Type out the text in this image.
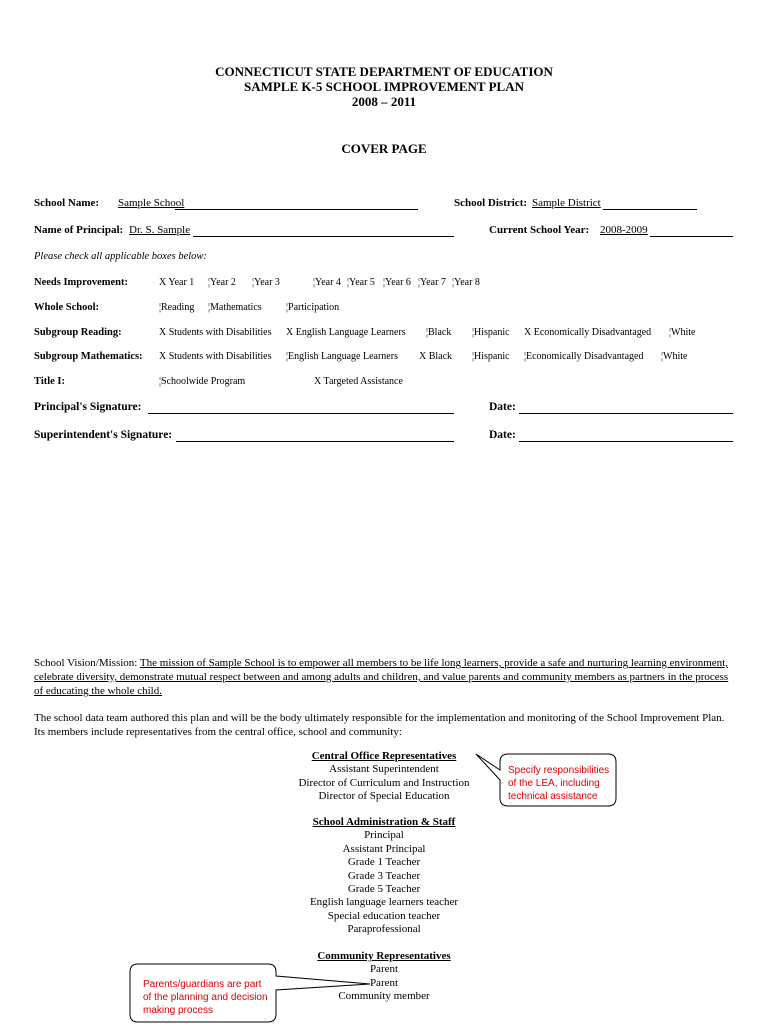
CONNECTICUT STATE DEPARTMENT OF EDUCATION
SAMPLE K-5 SCHOOL IMPROVEMENT PLAN
2008 – 2011
COVER PAGE
School Name: Sample School	School District: Sample District
Name of Principal: Dr. S. Sample	Current School Year: 2008-2009
Please check all applicable boxes below:
Needs Improvement:	X Year 1 ¦Year 2 ¦Year 3	¦Year 4 ¦Year 5 ¦Year 6 ¦Year 7 ¦Year 8
Whole School:	¦Reading ¦Mathematics ¦Participation
Subgroup Reading:	X Students with Disabilities X English Language Learners ¦Black ¦Hispanic X Economically Disadvantaged ¦White
Subgroup Mathematics: X Students with Disabilities ¦English Language Learners X Black ¦Hispanic ¦Economically Disadvantaged ¦White
Title I:	¦Schoolwide Program	X Targeted Assistance
Principal's Signature:	Date:
Superintendent's Signature:	Date:
School Vision/Mission: The mission of Sample School is to empower all members to be life long learners, provide a safe and nurturing learning environment, celebrate diversity, demonstrate mutual respect between and among adults and children, and value parents and community members as partners in the process of educating the whole child.
The school data team authored this plan and will be the body ultimately responsible for the implementation and monitoring of the School Improvement Plan. Its members include representatives from the central office, school and community:
Central Office Representatives
Assistant Superintendent
Director of Curriculum and Instruction
Director of Special Education
School Administration & Staff
Principal
Assistant Principal
Grade 1 Teacher
Grade 3 Teacher
Grade 5 Teacher
English language learners teacher
Special education teacher
Paraprofessional
Community Representatives
Parent
Parent
Community member
Specify responsibilities of the LEA, including technical assistance
Parents/guardians are part of the planning and decision making process
